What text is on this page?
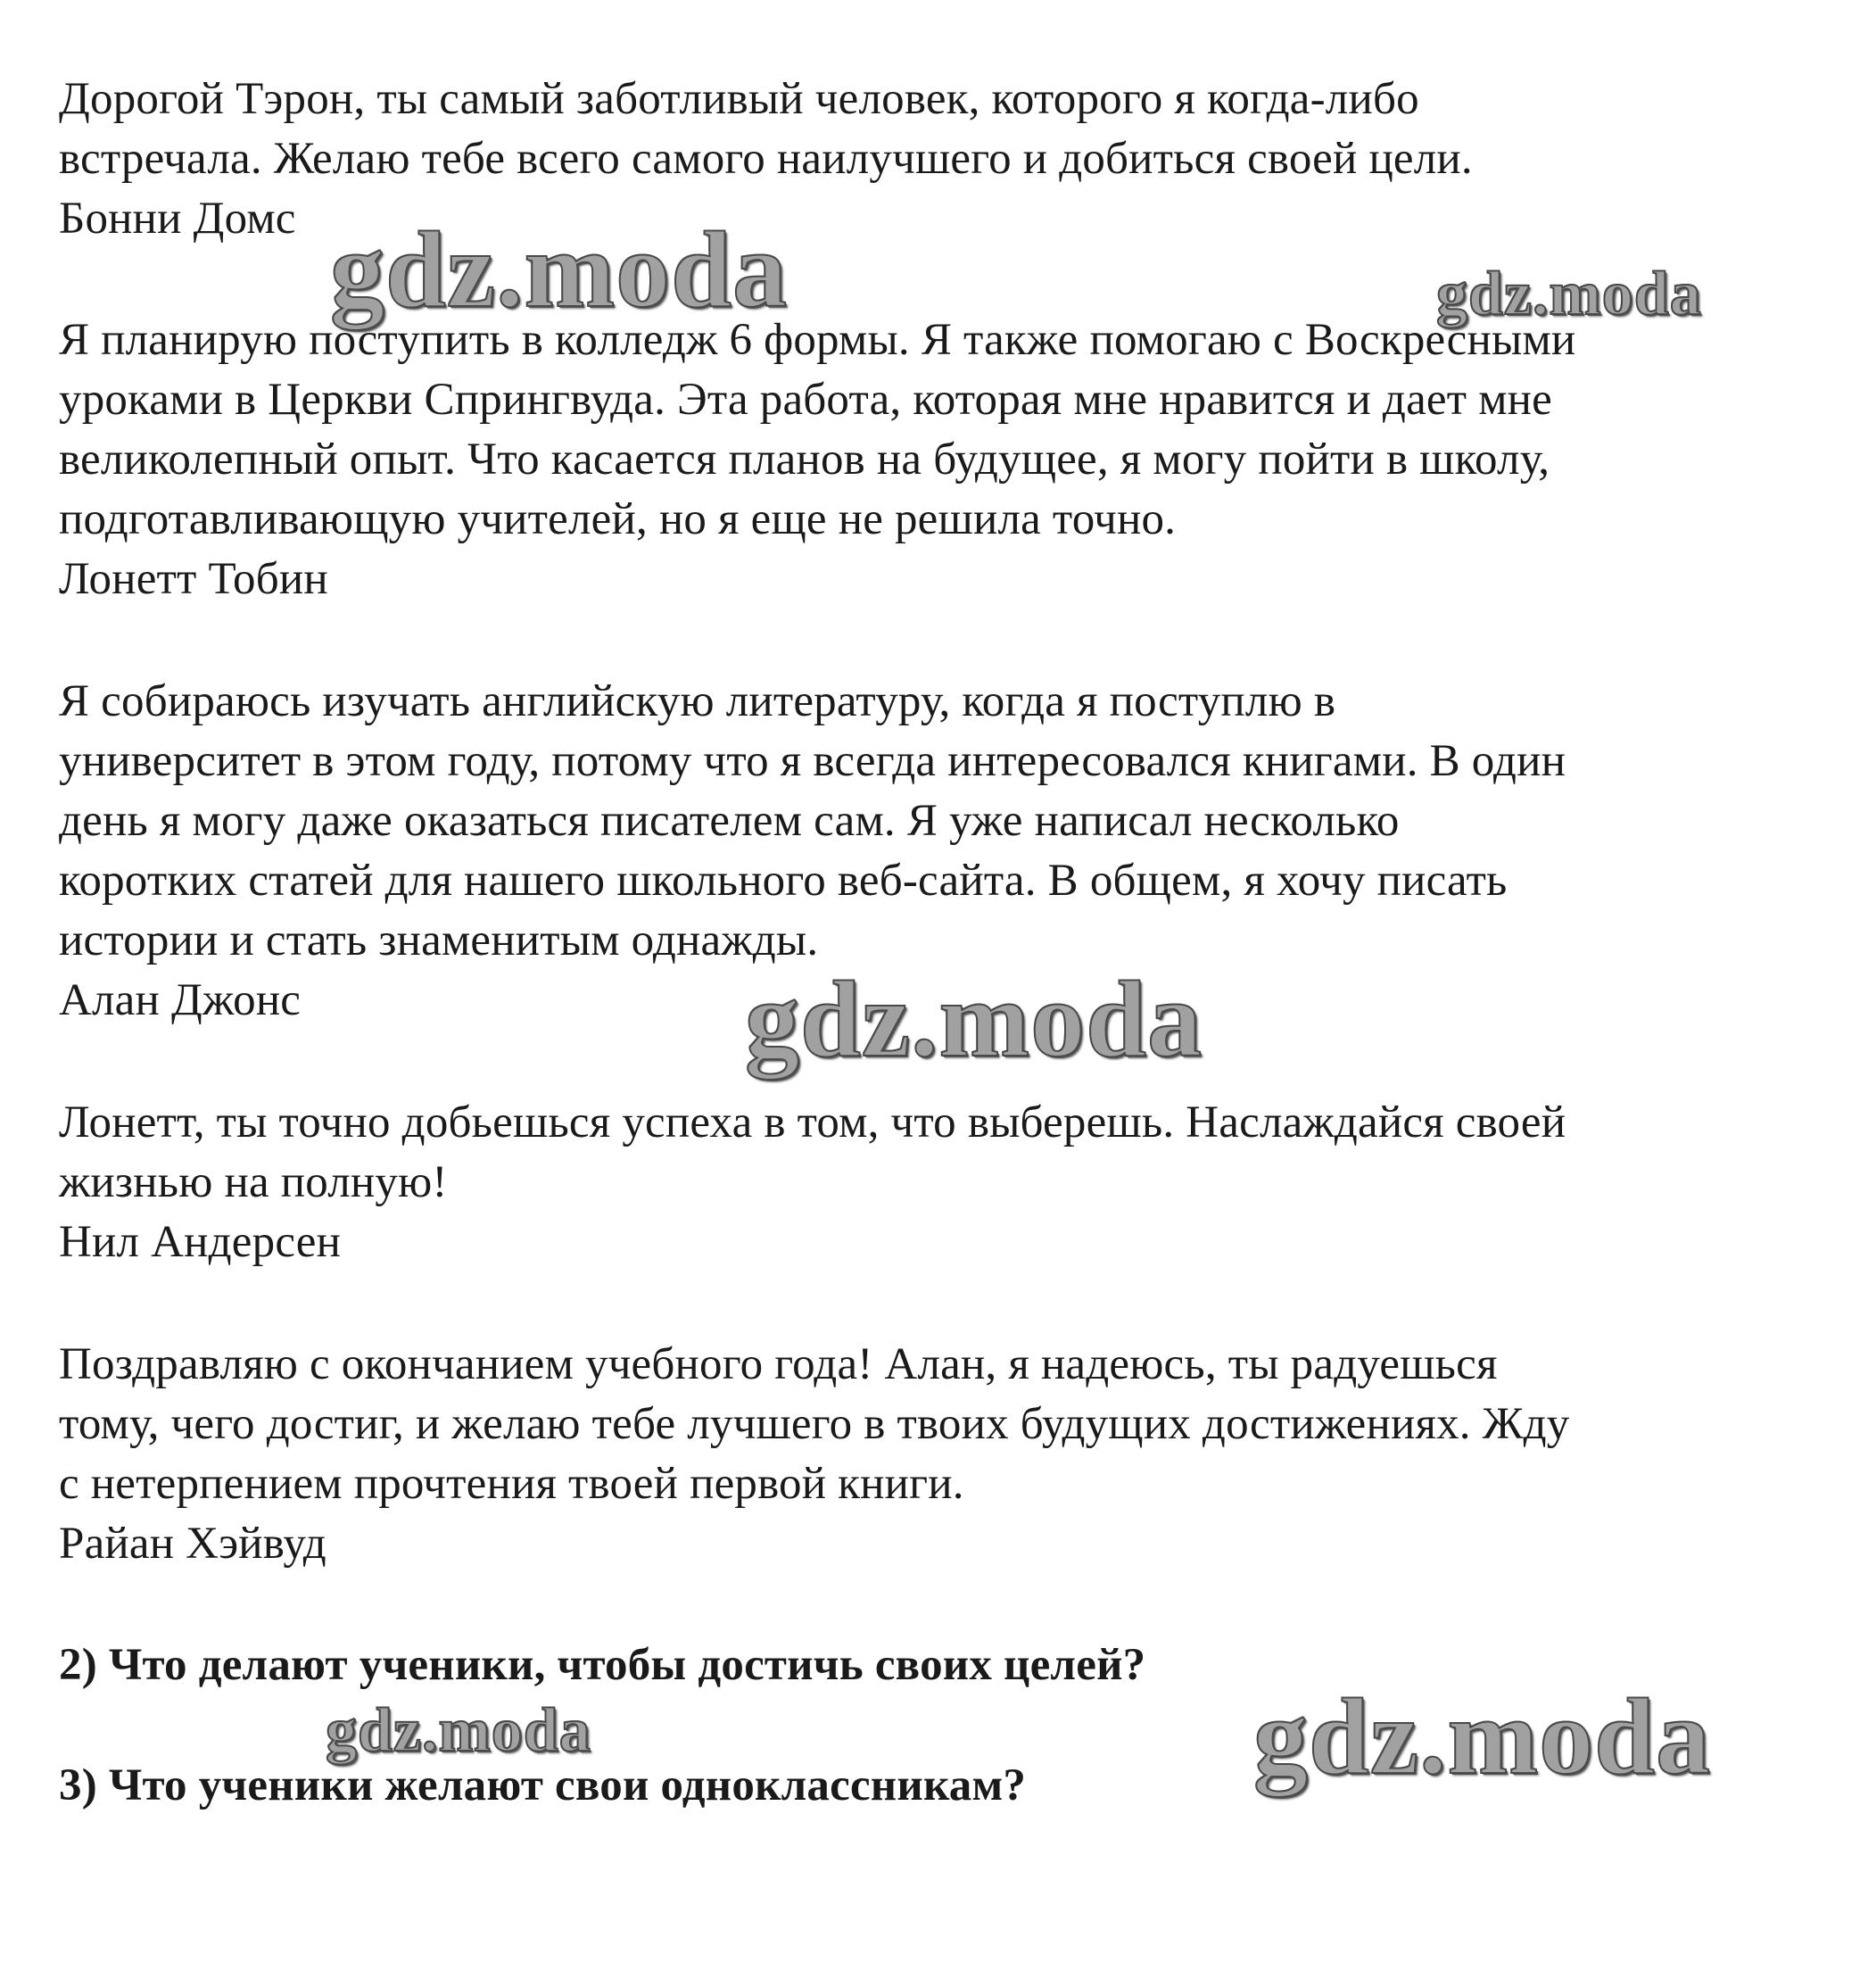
Дорогой Тэрон, ты самый заботливый человек, которого я когда-либо
встречала. Желаю тебе всего самого наилучшего и добиться своей цели.
Бонни Домс
Я планирую поступить в колледж 6 формы. Я также помогаю с Воскресными
уроками в Церкви Спрингвуда. Эта работа, которая мне нравится и дает мне
великолепный опыт. Что касается планов на будущее, я могу пойти в школу,
подготавливающую учителей, но я еще не решила точно.
Лонетт Тобин
Я собираюсь изучать английскую литературу, когда я поступлю в
университет в этом году, потому что я всегда интересовался книгами. В один
день я могу даже оказаться писателем сам. Я уже написал несколько
коротких статей для нашего школьного веб-сайта. В общем, я хочу писать
истории и стать знаменитым однажды.
Алан Джонс
Лонетт, ты точно добьешься успеха в том, что выберешь. Наслаждайся своей
жизнью на полную!
Нил Андерсен
Поздравляю с окончанием учебного года! Алан, я надеюсь, ты радуешься
тому, чего достиг, и желаю тебе лучшего в твоих будущих достижениях. Жду
с нетерпением прочтения твоей первой книги.
Райан Хэйвуд
2) Что делают ученики, чтобы достичь своих целей?
3) Что ученики желают свои одноклассникам?
gdz.moda	gdz.moda
gdz.moda
gdz.moda	gdz.moda
